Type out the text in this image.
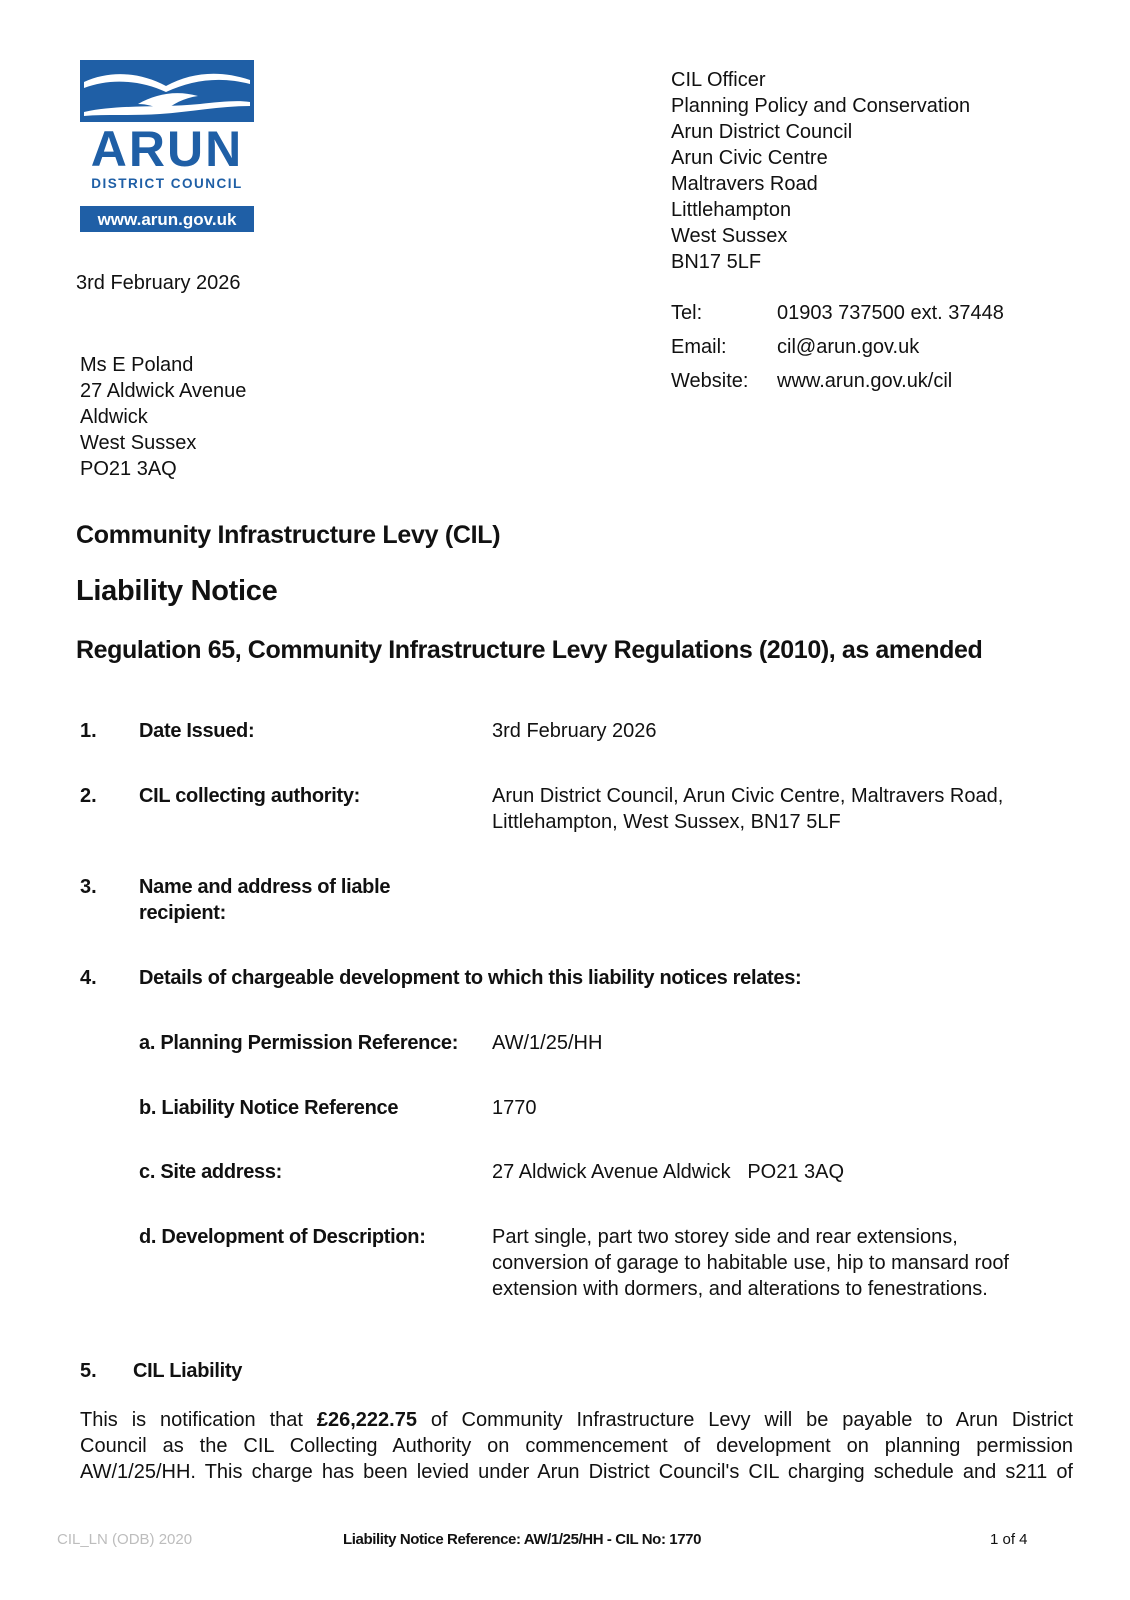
ARUN
DISTRICT COUNCIL
www.arun.gov.uk
CIL Officer
Planning Policy and Conservation
Arun District Council
Arun Civic Centre
Maltravers Road
Littlehampton
West Sussex
BN17 5LF
Tel:	01903 737500 ext. 37448
Email:	cil@arun.gov.uk
Website: www.arun.gov.uk/cil
3rd February 2026
Ms E Poland
27 Aldwick Avenue
Aldwick
West Sussex
PO21 3AQ
Community Infrastructure Levy (CIL)
Liability Notice
Regulation 65, Community Infrastructure Levy Regulations (2010), as amended
1. Date Issued:	3rd February 2026
2. CIL collecting authority:	Arun District Council, Arun Civic Centre, Maltravers Road,
Littlehampton, West Sussex, BN17 5LF
3. Name and address of liable
recipient:
4. Details of chargeable development to which this liability notices relates:
a. Planning Permission Reference: AW/1/25/HH
b. Liability Notice Reference	1770
c. Site address:	27 Aldwick Avenue Aldwick   PO21 3AQ
d. Development of Description:	Part single, part two storey side and rear extensions,
conversion of garage to habitable use, hip to mansard roof
extension with dormers, and alterations to fenestrations.
5. CIL Liability
This is notification that £26,222.75 of Community Infrastructure Levy will be payable to Arun District
Council as the CIL Collecting Authority on commencement of development on planning permission
AW/1/25/HH. This charge has been levied under Arun District Council's CIL charging schedule and s211 of
CIL_LN (ODB) 2020	Liability Notice Reference: AW/1/25/HH - CIL No: 1770	1 of 4
